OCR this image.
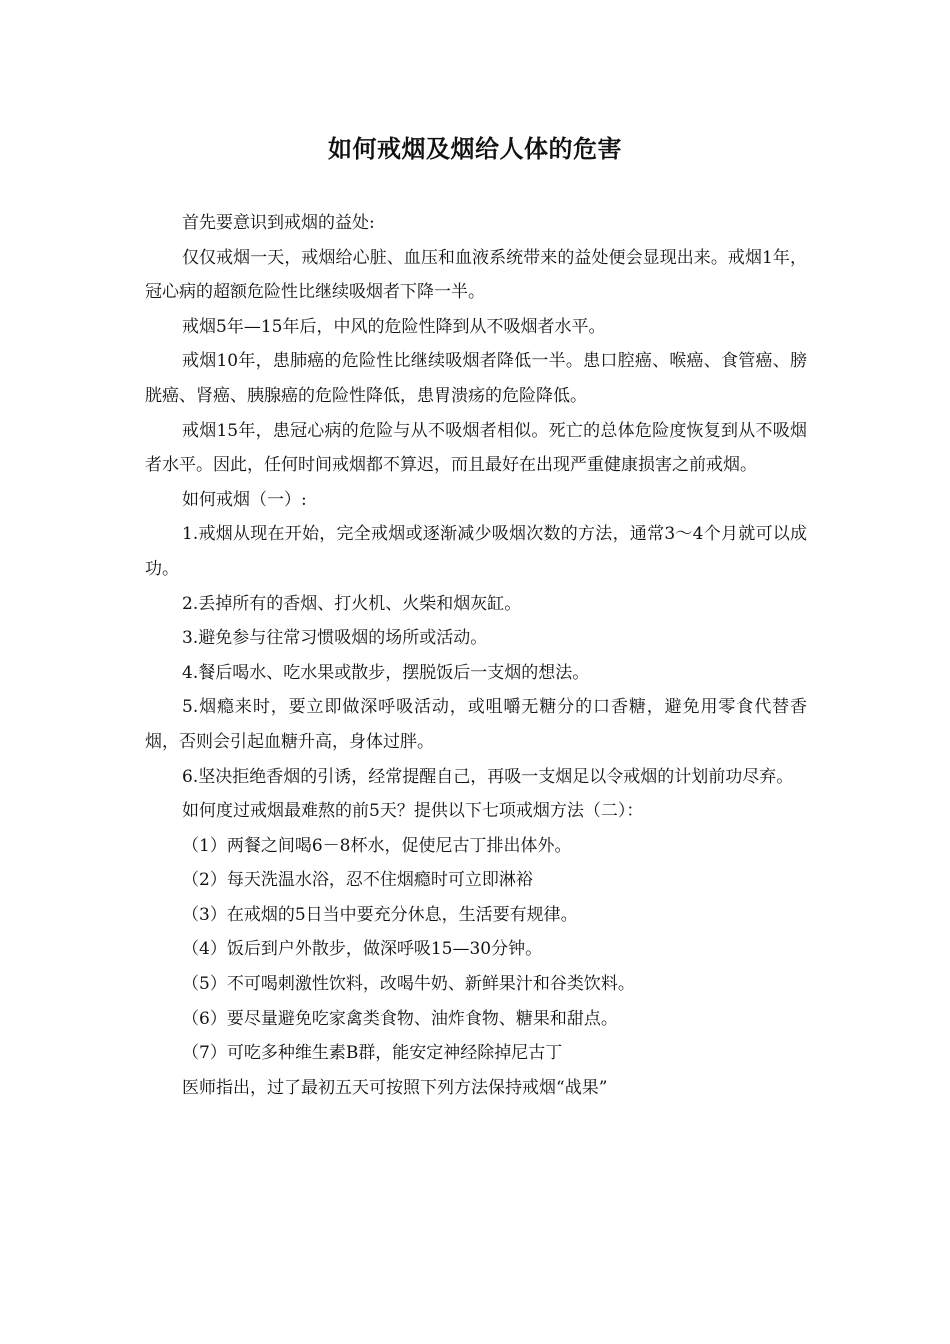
如何戒烟及烟给人体的危害

首先要意识到戒烟的益处:

仅仅戒烟一天，戒烟给心脏、血压和血液系统带来的益处便会显现出来。戒烟1年，冠心病的超额危险性比继续吸烟者下降一半。

戒烟5年—15年后，中风的危险性降到从不吸烟者水平。

戒烟10年，患肺癌的危险性比继续吸烟者降低一半。患口腔癌、喉癌、食管癌、膀胱癌、肾癌、胰腺癌的危险性降低，患胃溃疡的危险降低。

戒烟15年，患冠心病的危险与从不吸烟者相似。死亡的总体危险度恢复到从不吸烟者水平。因此，任何时间戒烟都不算迟，而且最好在出现严重健康损害之前戒烟。

如何戒烟（一）:

1.戒烟从现在开始，完全戒烟或逐渐减少吸烟次数的方法，通常3～4个月就可以成功。

2.丢掉所有的香烟、打火机、火柴和烟灰缸。

3.避免参与往常习惯吸烟的场所或活动。

4.餐后喝水、吃水果或散步，摆脱饭后一支烟的想法。

5.烟瘾来时，要立即做深呼吸活动，或咀嚼无糖分的口香糖，避免用零食代替香烟，否则会引起血糖升高，身体过胖。

6.坚决拒绝香烟的引诱，经常提醒自己，再吸一支烟足以令戒烟的计划前功尽弃。

如何度过戒烟最难熬的前5天？提供以下七项戒烟方法（二）：

（1）两餐之间喝6－8杯水，促使尼古丁排出体外。

（2）每天洗温水浴，忍不住烟瘾时可立即淋裕

（3）在戒烟的5日当中要充分休息，生活要有规律。

（4）饭后到户外散步，做深呼吸15—30分钟。

（5）不可喝刺激性饮料，改喝牛奶、新鲜果汁和谷类饮料。

（6）要尽量避免吃家禽类食物、油炸食物、糖果和甜点。

（7）可吃多种维生素B群，能安定神经除掉尼古丁

医师指出，过了最初五天可按照下列方法保持戒烟“战果”
